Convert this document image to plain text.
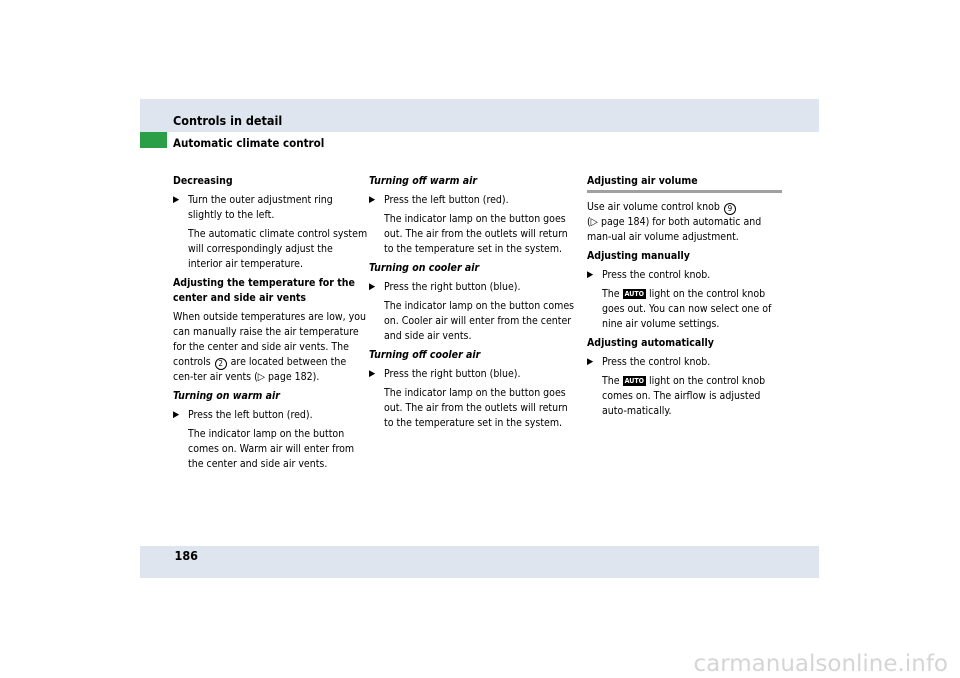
Controls in detail
Automatic climate control

Decreasing

▶ Turn the outer adjustment ring slightly to the left.
The automatic climate control system will correspondingly adjust the interior air temperature.

Adjusting the temperature for the center and side air vents

When outside temperatures are low, you can manually raise the air temperature for the center and side air vents. The controls 2 are located between the cen-ter air vents (▷ page 182).

Turning on warm air

▶ Press the left button (red).
The indicator lamp on the button comes on. Warm air will enter from the center and side air vents.

Turning off warm air

▶ Press the left button (red).
The indicator lamp on the button goes out. The air from the outlets will return to the temperature set in the system.

Turning on cooler air

▶ Press the right button (blue).
The indicator lamp on the button comes on. Cooler air will enter from the center and side air vents.

Turning off cooler air

▶ Press the right button (blue).
The indicator lamp on the button goes out. The air from the outlets will return to the temperature set in the system.
Adjusting air volume

Use air volume control knob 9
(▷ page 184) for both automatic and man-ual air volume adjustment.

Adjusting manually

▶ Press the control knob.
The AUTO light on the control knob goes out. You can now select one of nine air volume settings.

Adjusting automatically

▶ Press the control knob.
The AUTO light on the control knob comes on. The airflow is adjusted auto-matically.
186
carmanualsonline.info
